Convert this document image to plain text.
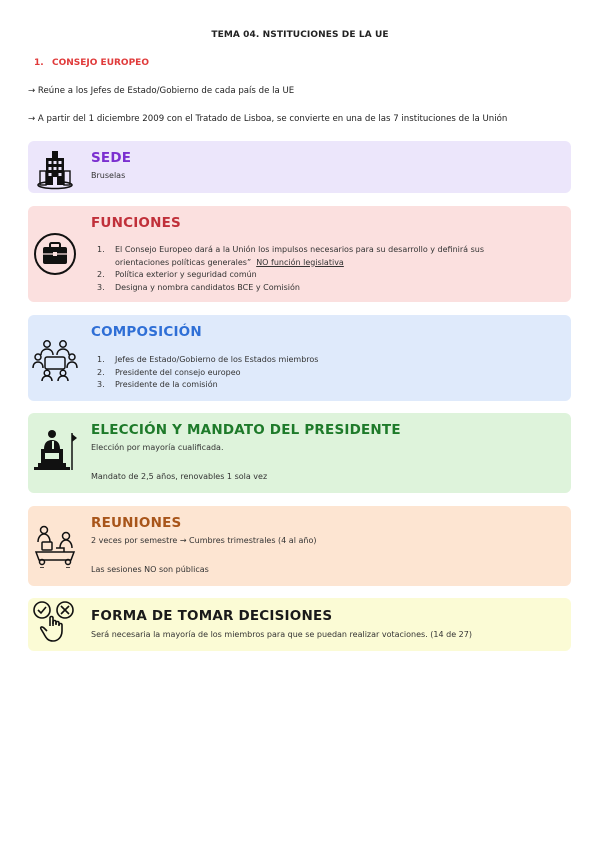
TEMA 04. NSTITUCIONES DE LA UE
1. CONSEJO EUROPEO
→ Reúne a los Jefes de Estado/Gobierno de cada país de la UE
→ A partir del 1 diciembre 2009 con el Tratado de Lisboa, se convierte en una de las 7 instituciones de la Unión
SEDE
Bruselas
FUNCIONES
1. El Consejo Europeo dará a la Unión los impulsos necesarios para su desarrollo y definirá sus
orientaciones políticas generales” NO función legislativa
2. Política exterior y seguridad común
3. Designa y nombra candidatos BCE y Comisión
COMPOSICIÓN
1. Jefes de Estado/Gobierno de los Estados miembros
2. Presidente del consejo europeo
3. Presidente de la comisión
ELECCIÓN Y MANDATO DEL PRESIDENTE
Elección por mayoría cualificada.
Mandato de 2,5 años, renovables 1 sola vez
REUNIONES
2 veces por semestre → Cumbres trimestrales (4 al año)
Las sesiones NO son públicas
FORMA DE TOMAR DECISIONES
Será necesaria la mayoría de los miembros para que se puedan realizar votaciones. (14 de 27)
